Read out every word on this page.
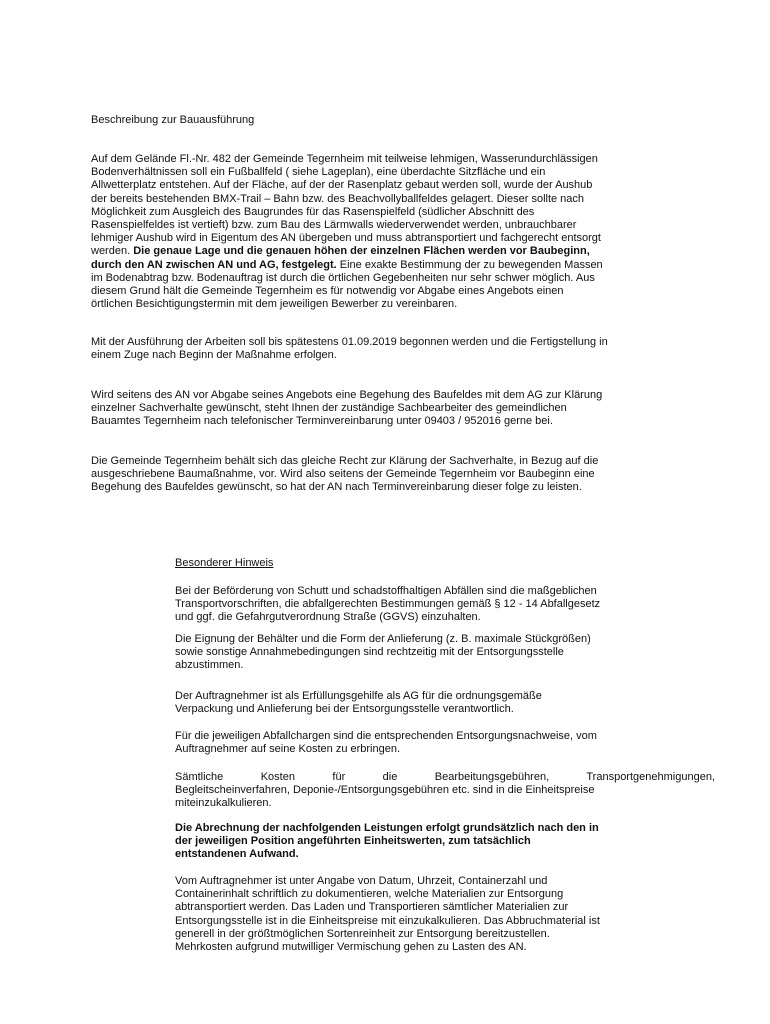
Beschreibung zur Bauausführung
Auf dem Gelände Fl.-Nr. 482 der Gemeinde Tegernheim mit teilweise lehmigen, Wasserundurchlässigen
Bodenverhältnissen soll ein Fußballfeld ( siehe Lageplan), eine überdachte Sitzfläche und ein
Allwetterplatz entstehen. Auf der Fläche, auf der der Rasenplatz gebaut werden soll, wurde der Aushub
der bereits bestehenden BMX-Trail – Bahn bzw. des Beachvollyballfeldes gelagert. Dieser sollte nach
Möglichkeit zum Ausgleich des Baugrundes für das Rasenspielfeld (südlicher Abschnitt des
Rasenspielfeldes ist vertieft) bzw. zum Bau des Lärmwalls wiederverwendet werden, unbrauchbarer
lehmiger Aushub wird in Eigentum des AN übergeben und muss abtransportiert und fachgerecht entsorgt
werden. Die genaue Lage und die genauen höhen der einzelnen Flächen werden vor Baubeginn,
durch den AN zwischen AN und AG, festgelegt. Eine exakte Bestimmung der zu bewegenden Massen
im Bodenabtrag bzw. Bodenauftrag ist durch die örtlichen Gegebenheiten nur sehr schwer möglich. Aus
diesem Grund hält die Gemeinde Tegernheim es für notwendig vor Abgabe eines Angebots einen
örtlichen Besichtigungstermin mit dem jeweiligen Bewerber zu vereinbaren.
Mit der Ausführung der Arbeiten soll bis spätestens 01.09.2019 begonnen werden und die Fertigstellung in
einem Zuge nach Beginn der Maßnahme erfolgen.
Wird seitens des AN vor Abgabe seines Angebots eine Begehung des Baufeldes mit dem AG zur Klärung
einzelner Sachverhalte gewünscht, steht Ihnen der zuständige Sachbearbeiter des gemeindlichen
Bauamtes Tegernheim nach telefonischer Terminvereinbarung unter 09403 / 952016 gerne bei.
Die Gemeinde Tegernheim behält sich das gleiche Recht zur Klärung der Sachverhalte, in Bezug auf die
ausgeschriebene Baumaßnahme, vor. Wird also seitens der Gemeinde Tegernheim vor Baubeginn eine
Begehung des Baufeldes gewünscht, so hat der AN nach Terminvereinbarung dieser folge zu leisten.
Besonderer Hinweis
Bei der Beförderung von Schutt und schadstoffhaltigen Abfällen sind die maßgeblichen
Transportvorschriften, die abfallgerechten Bestimmungen gemäß § 12 - 14 Abfallgesetz
und ggf. die Gefahrgutverordnung Straße (GGVS) einzuhalten.
Die Eignung der Behälter und die Form der Anlieferung (z. B. maximale Stückgrößen)
sowie sonstige Annahmebedingungen sind rechtzeitig mit der Entsorgungsstelle
abzustimmen.
Der Auftragnehmer ist als Erfüllungsgehilfe als AG für die ordnungsgemäße
Verpackung und Anlieferung bei der Entsorgungsstelle verantwortlich.
Für die jeweiligen Abfallchargen sind die entsprechenden Entsorgungsnachweise, vom
Auftragnehmer auf seine Kosten zu erbringen.
Sämtliche Kosten für die Bearbeitungsgebühren, Transportgenehmigungen,
Begleitscheinverfahren, Deponie-/Entsorgungsgebühren etc. sind in die Einheitspreise
miteinzukalkulieren.
Die Abrechnung der nachfolgenden Leistungen erfolgt grundsätzlich nach den in
der jeweiligen Position angeführten Einheitswerten, zum tatsächlich
entstandenen Aufwand.
Vom Auftragnehmer ist unter Angabe von Datum, Uhrzeit, Containerzahl und
Containerinhalt schriftlich zu dokumentieren, welche Materialien zur Entsorgung
abtransportiert werden. Das Laden und Transportieren sämtlicher Materialien zur
Entsorgungsstelle ist in die Einheitspreise mit einzukalkulieren. Das Abbruchmaterial ist
generell in der größtmöglichen Sortenreinheit zur Entsorgung bereitzustellen.
Mehrkosten aufgrund mutwilliger Vermischung gehen zu Lasten des AN.
